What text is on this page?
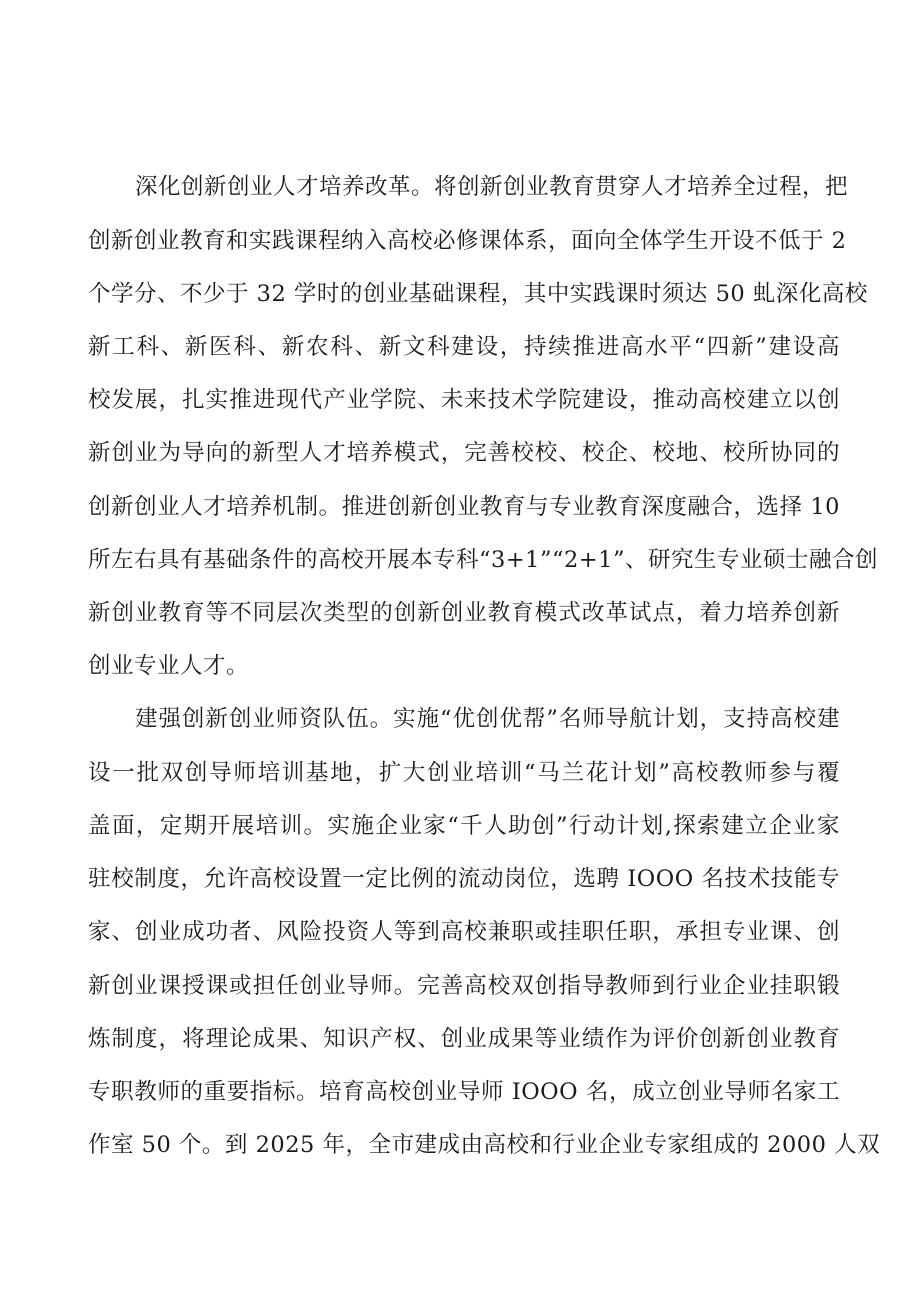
深化创新创业人才培养改革。将创新创业教育贯穿人才培养全过程，把
创新创业教育和实践课程纳入高校必修课体系，面向全体学生开设不低于 2
个学分、不少于 32 学时的创业基础课程，其中实践课时须达 50 虬深化高校
新工科、新医科、新农科、新文科建设，持续推进高水平“四新”建设高
校发展，扎实推进现代产业学院、未来技术学院建设，推动高校建立以创
新创业为导向的新型人才培养模式，完善校校、校企、校地、校所协同的
创新创业人才培养机制。推进创新创业教育与专业教育深度融合，选择 10
所左右具有基础条件的高校开展本专科“3+1”“2+1”、研究生专业硕士融合创
新创业教育等不同层次类型的创新创业教育模式改革试点，着力培养创新
创业专业人才。
建强创新创业师资队伍。实施“优创优帮”名师导航计划，支持高校建
设一批双创导师培训基地，扩大创业培训“马兰花计划”高校教师参与覆
盖面，定期开展培训。实施企业家“千人助创”行动计划,探索建立企业家
驻校制度，允许高校设置一定比例的流动岗位，选聘 IOOO 名技术技能专
家、创业成功者、风险投资人等到高校兼职或挂职任职，承担专业课、创
新创业课授课或担任创业导师。完善高校双创指导教师到行业企业挂职锻
炼制度，将理论成果、知识产权、创业成果等业绩作为评价创新创业教育
专职教师的重要指标。培育高校创业导师 IOOO 名，成立创业导师名家工
作室 50 个。到 2025 年，全市建成由高校和行业企业专家组成的 2000 人双
